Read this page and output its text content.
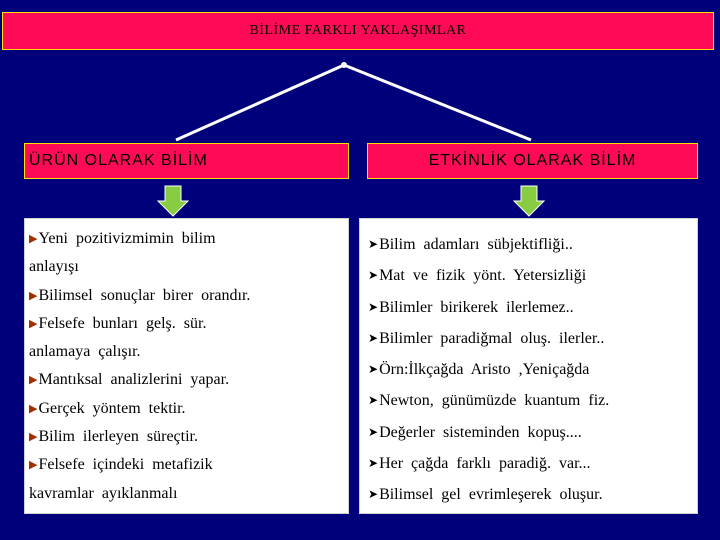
BİLİME FARKLI YAKLAŞIMLAR
ÜRÜN OLARAK BİLİM	ETKİNLİK OLARAK BİLİM
▶Yeni pozitivizmimin bilim
anlayışı
▶Bilimsel sonuçlar birer orandır.
▶Felsefe bunları gelş. sür.
anlamaya çalışır.
▶Mantıksal analizlerini yapar.
▶Gerçek yöntem tektir.
▶Bilim ilerleyen süreçtir.
▶Felsefe içindeki metafizik
kavramlar ayıklanmalı
➤Bilim adamları sübjektifliği..
➤Mat ve fizik yönt. Yetersizliği
➤Bilimler birikerek ilerlemez..
➤Bilimler paradiğmal oluş. ilerler..
➤Örn:İlkçağda Aristo ,Yeniçağda
➤Newton, günümüzde kuantum fiz.
➤Değerler sisteminden kopuş....
➤Her çağda farklı paradiğ. var...
➤Bilimsel gel evrimleşerek oluşur.
